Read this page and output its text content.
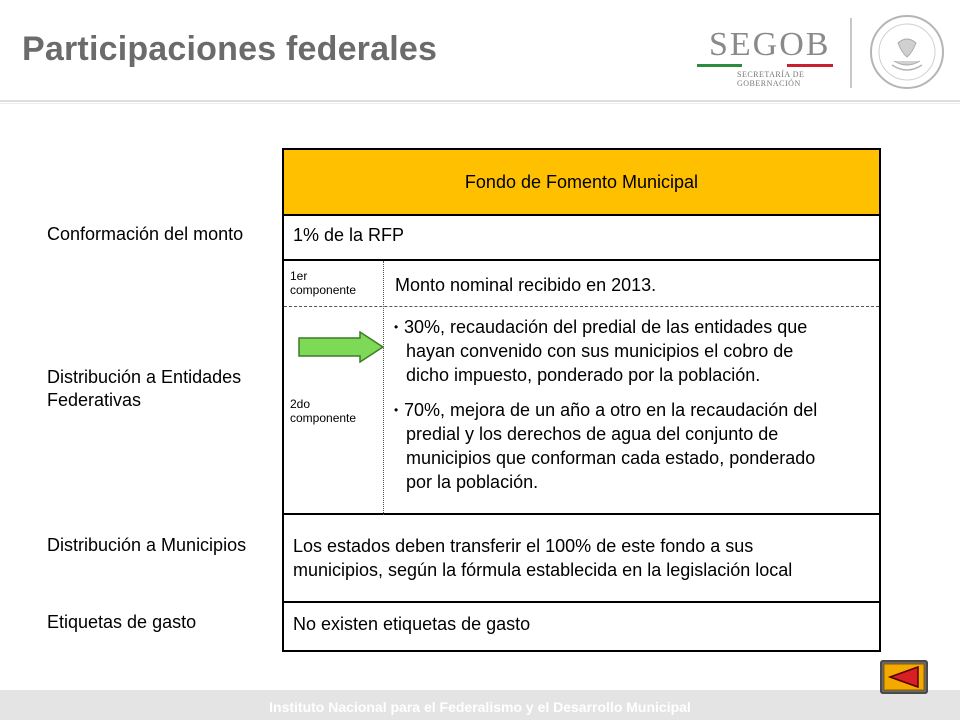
Participaciones federales	SEGOB
SECRETARÍA DE
GOBERNACIÓN
Conformación del monto
Distribución a Entidades
Federativas
Distribución a Municipios
Etiquetas de gasto
Fondo de Fomento Municipal
1% de la RFP
1er
componente Monto nominal recibido en 2013.
2do
componente
• 30%, recaudación del predial de las entidades que
hayan convenido con sus municipios el cobro de
dicho impuesto, ponderado por la población.
• 70%, mejora de un año a otro en la recaudación del
predial y los derechos de agua del conjunto de
municipios que conforman cada estado, ponderado
por la población.
Los estados deben transferir el 100% de este fondo a sus
municipios, según la fórmula establecida en la legislación local
No existen etiquetas de gasto
Instituto Nacional para el Federalismo y el Desarrollo Municipal
